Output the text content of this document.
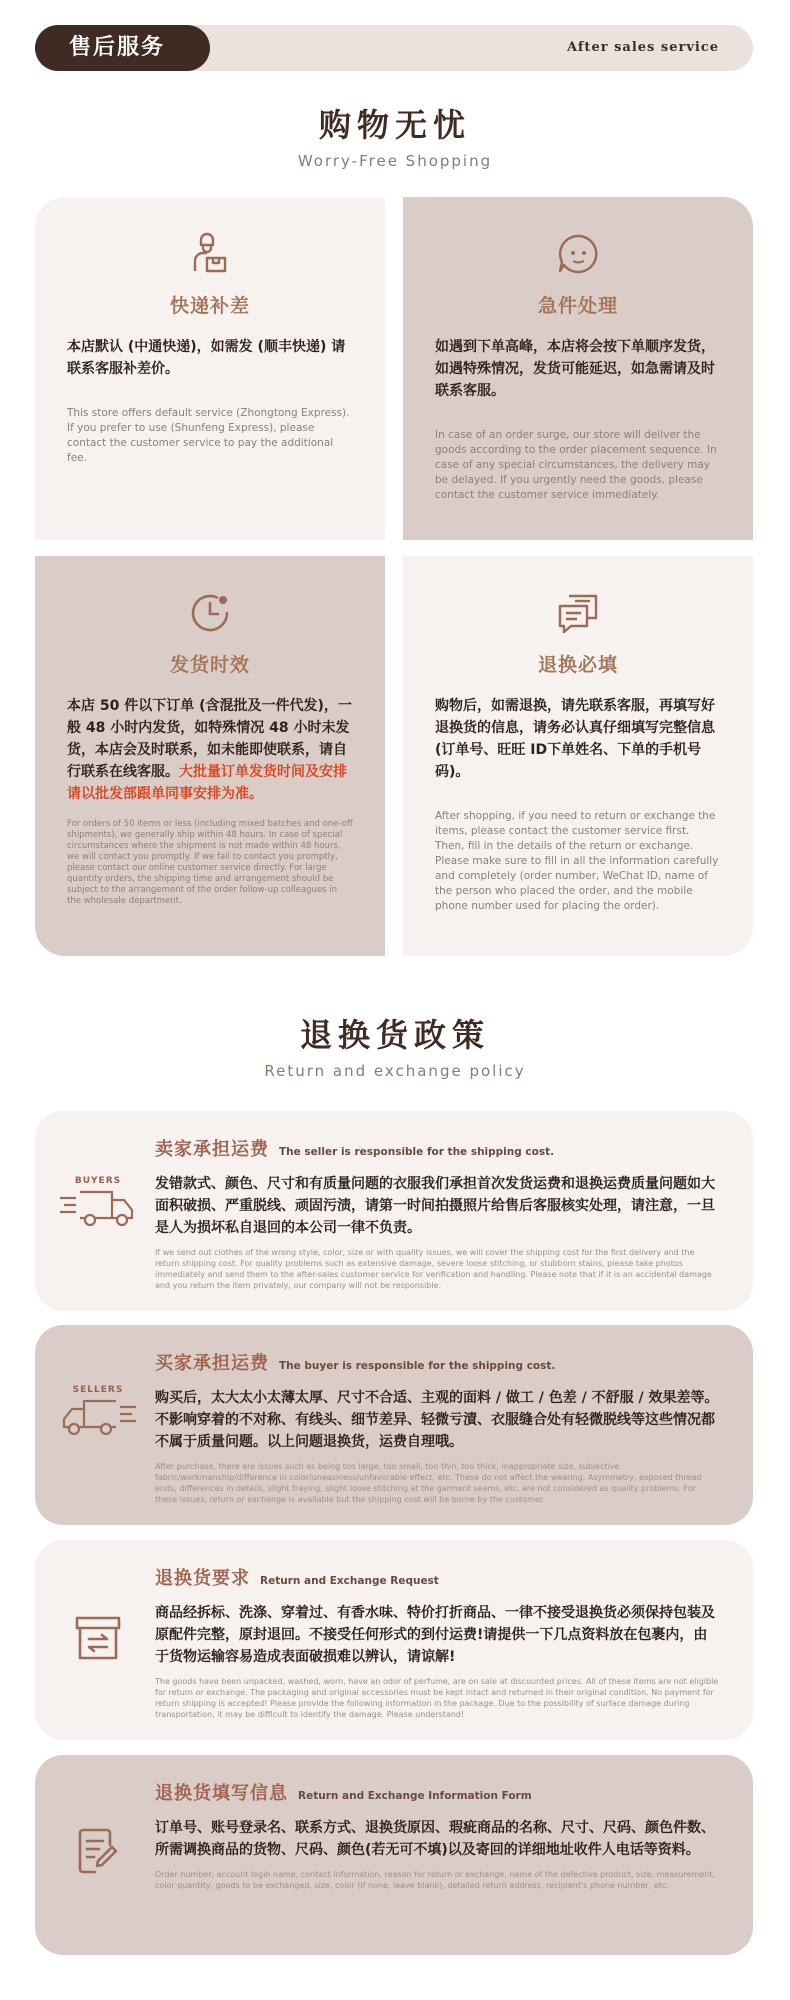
售后服务	After sales service
购物无忧
Worry-Free Shopping
快递补差
本店默认 (中通快递)，如需发 (顺丰快递) 请联系客服补差价。
This store offers default service (Zhongtong Express). If you prefer to use (Shunfeng Express), please contact the customer service to pay the additional fee.
急件处理
如遇到下单高峰，本店将会按下单顺序发货，如遇特殊情况，发货可能延迟，如急需请及时联系客服。
In case of an order surge, our store will deliver the goods according to the order placement sequence. In case of any special circumstances, the delivery may be delayed. If you urgently need the goods, please contact the customer service immediately.
发货时效
本店 50 件以下订单 (含混批及一件代发)，一般 48 小时内发货，如特殊情况 48 小时未发货，本店会及时联系，如未能即使联系，请自行联系在线客服。大批量订单发货时间及安排请以批发部跟单同事安排为准。
For orders of 50 items or less (including mixed batches and one-off shipments), we generally ship within 48 hours. In case of special circumstances where the shipment is not made within 48 hours, we will contact you promptly. If we fail to contact you promptly, please contact our online customer service directly. For large quantity orders, the shipping time and arrangement should be subject to the arrangement of the order follow-up colleagues in the wholesale department.
退换必填
购物后，如需退换，请先联系客服，再填写好退换货的信息，请务必认真仔细填写完整信息 (订单号、旺旺 ID下单姓名、下单的手机号码)。
After shopping, if you need to return or exchange the items, please contact the customer service first. Then, fill in the details of the return or exchange. Please make sure to fill in all the information carefully and completely (order number, WeChat ID, name of the person who placed the order, and the mobile phone number used for placing the order).
退换货政策
Return and exchange policy
BUYERS
卖家承担运费 The seller is responsible for the shipping cost.
发错款式、颜色、尺寸和有质量问题的衣服我们承担首次发货运费和退换运费质量问题如大面积破损、严重脱线、顽固污渍，请第一时间拍摄照片给售后客服核实处理，请注意，一旦是人为损坏私自退回的本公司一律不负责。
If we send out clothes of the wrong style, color, size or with quality issues, we will cover the shipping cost for the first delivery and the return shipping cost. For quality problems such as extensive damage, severe loose stitching, or stubborn stains, please take photos immediately and send them to the after-sales customer service for verification and handling. Please note that if it is an accidental damage and you return the item privately, our company will not be responsible.
SELLERS
买家承担运费 The buyer is responsible for the shipping cost.
购买后，太大太小太薄太厚、尺寸不合适、主观的面料 / 做工 / 色差 / 不舒服 / 效果差等。不影响穿着的不对称、有线头、细节差异、轻微亏漬、衣服缝合处有轻微脱线等这些情况都不属于质量问题。以上问题退换货，运费自理哦。
After purchase, there are issues such as being too large, too small, too thin, too thick, inappropriate size, subjective fabric/workmanship/difference in color/uneasiness/unfavorable effect, etc. These do not affect the wearing. Asymmetry, exposed thread ends, differences in details, slight fraying, slight loose stitching at the garment seams, etc. are not considered as quality problems. For these issues, return or exchange is available but the shipping cost will be borne by the customer.
退换货要求 Return and Exchange Request
商品经拆标、洗涤、穿着过、有香水味、特价打折商品、一律不接受退换货必须保持包装及原配件完整，原封退回。不接受任何形式的到付运费!请提供一下几点资料放在包裹内，由于货物运输容易造成表面破损难以辨认，请谅解!
The goods have been unpacked, washed, worn, have an odor of perfume, are on sale at discounted prices. All of these items are not eligible for return or exchange. The packaging and original accessories must be kept intact and returned in their original condition. No payment for return shipping is accepted! Please provide the following information in the package. Due to the possibility of surface damage during transportation, it may be difficult to identify the damage. Please understand!
退换货填写信息 Return and Exchange Information Form
订单号、账号登录名、联系方式、退换货原因、瑕疵商品的名称、尺寸、尺码、颜色件数、所需调换商品的货物、尺码、颜色(若无可不填)以及寄回的详细地址收件人电话等资料。
Order number, account login name, contact information, reason for return or exchange, name of the defective product, size, measurement, color quantity, goods to be exchanged, size, color (if none, leave blank), detailed return address, recipient's phone number, etc.
